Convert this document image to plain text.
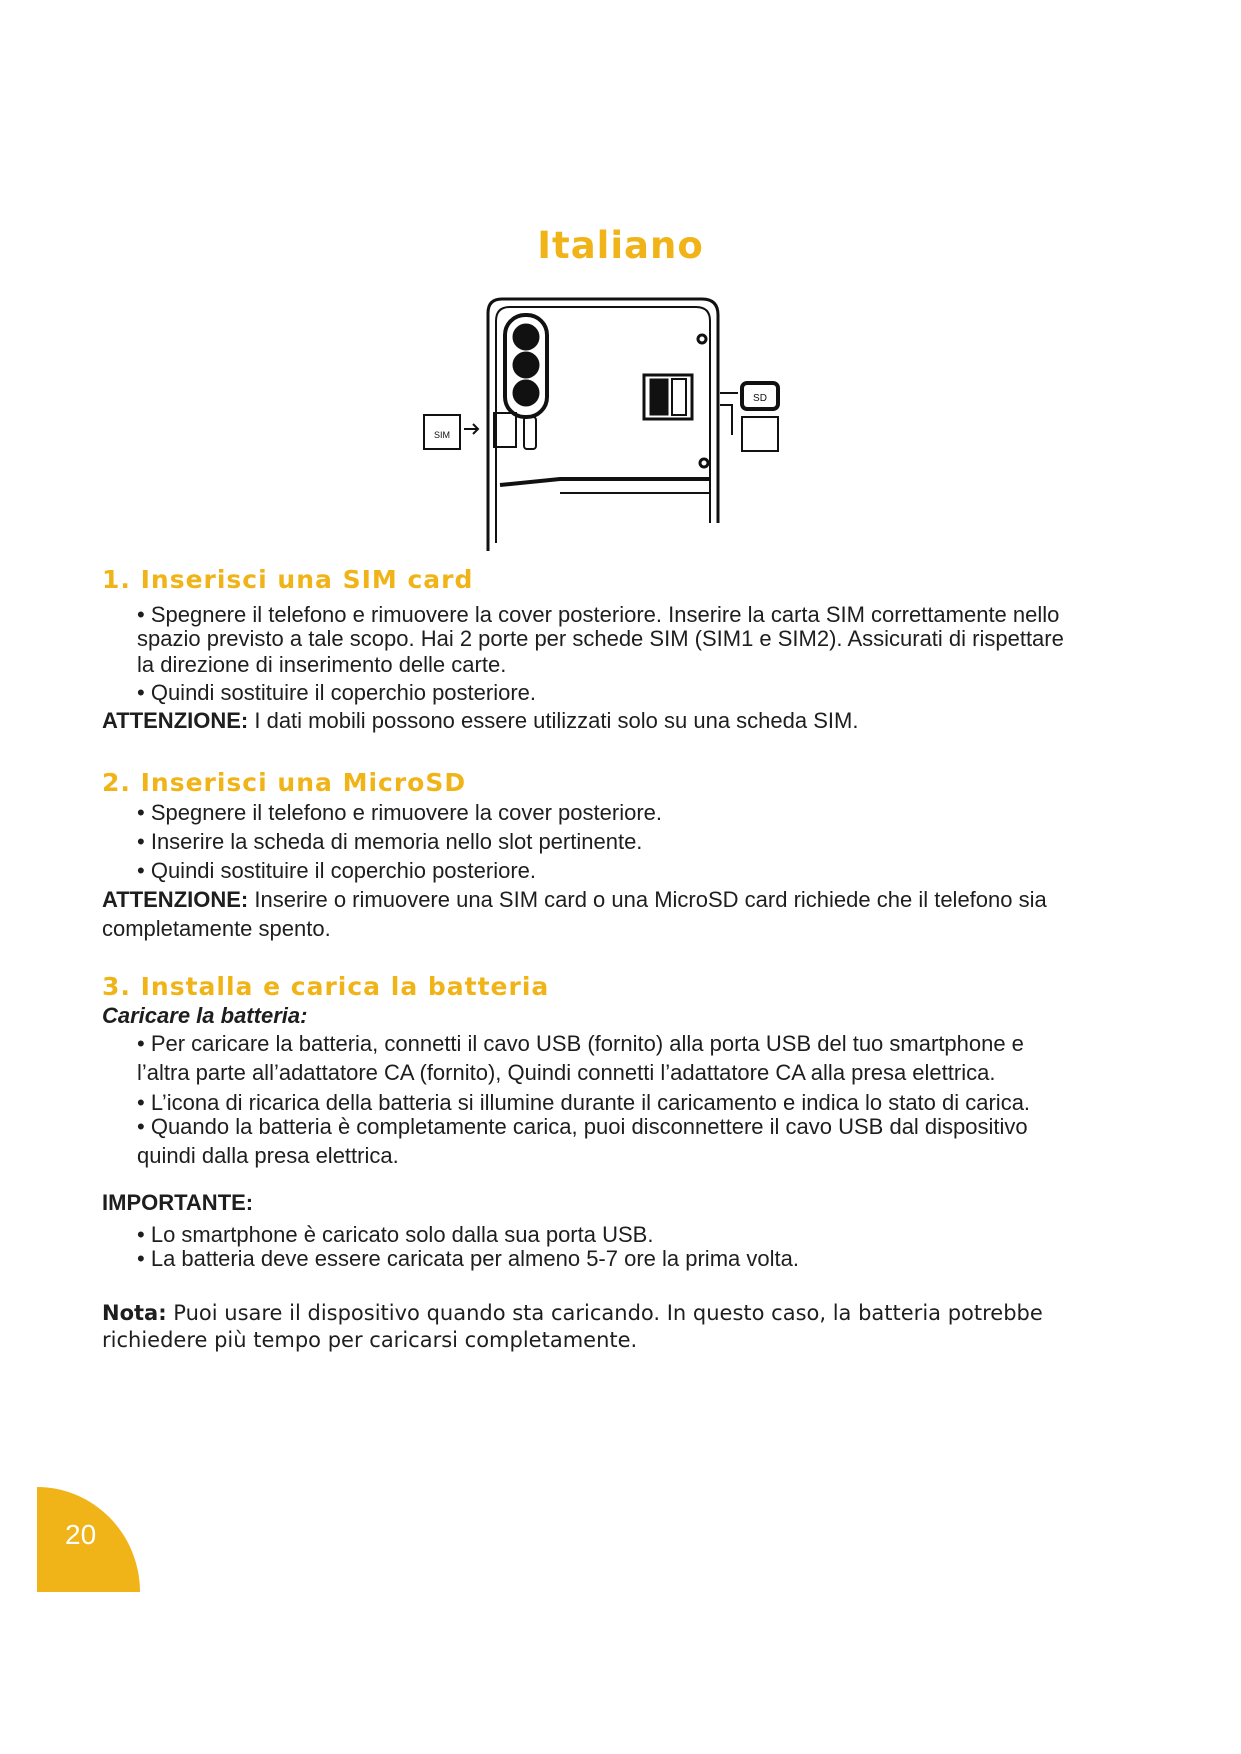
Italiano
SIM
SD
1. Inserisci una SIM card
• Spegnere il telefono e rimuovere la cover posteriore. Inserire la carta SIM correttamente nello
spazio previsto a tale scopo. Hai 2 porte per schede SIM (SIM1 e SIM2). Assicurati di rispettare
la direzione di inserimento delle carte.
• Quindi sostituire il coperchio posteriore.
ATTENZIONE: I dati mobili possono essere utilizzati solo su una scheda SIM.
2. Inserisci una MicroSD
• Spegnere il telefono e rimuovere la cover posteriore.
• Inserire la scheda di memoria nello slot pertinente.
• Quindi sostituire il coperchio posteriore.
ATTENZIONE: Inserire o rimuovere una SIM card o una MicroSD card richiede che il telefono sia
completamente spento.
3. Installa e carica la batteria
Caricare la batteria:
• Per caricare la batteria, connetti il cavo USB (fornito) alla porta USB del tuo smartphone e
l’altra parte all’adattatore CA (fornito), Quindi connetti l’adattatore CA alla presa elettrica.
• L’icona di ricarica della batteria si illumine durante il caricamento e indica lo stato di carica.
• Quando la batteria è completamente carica, puoi disconnettere il cavo USB dal dispositivo
quindi dalla presa elettrica.
IMPORTANTE:
• Lo smartphone è caricato solo dalla sua porta USB.
• La batteria deve essere caricata per almeno 5-7 ore la prima volta.
Nota: Puoi usare il dispositivo quando sta caricando. In questo caso, la batteria potrebbe
richiedere più tempo per caricarsi completamente.
20
